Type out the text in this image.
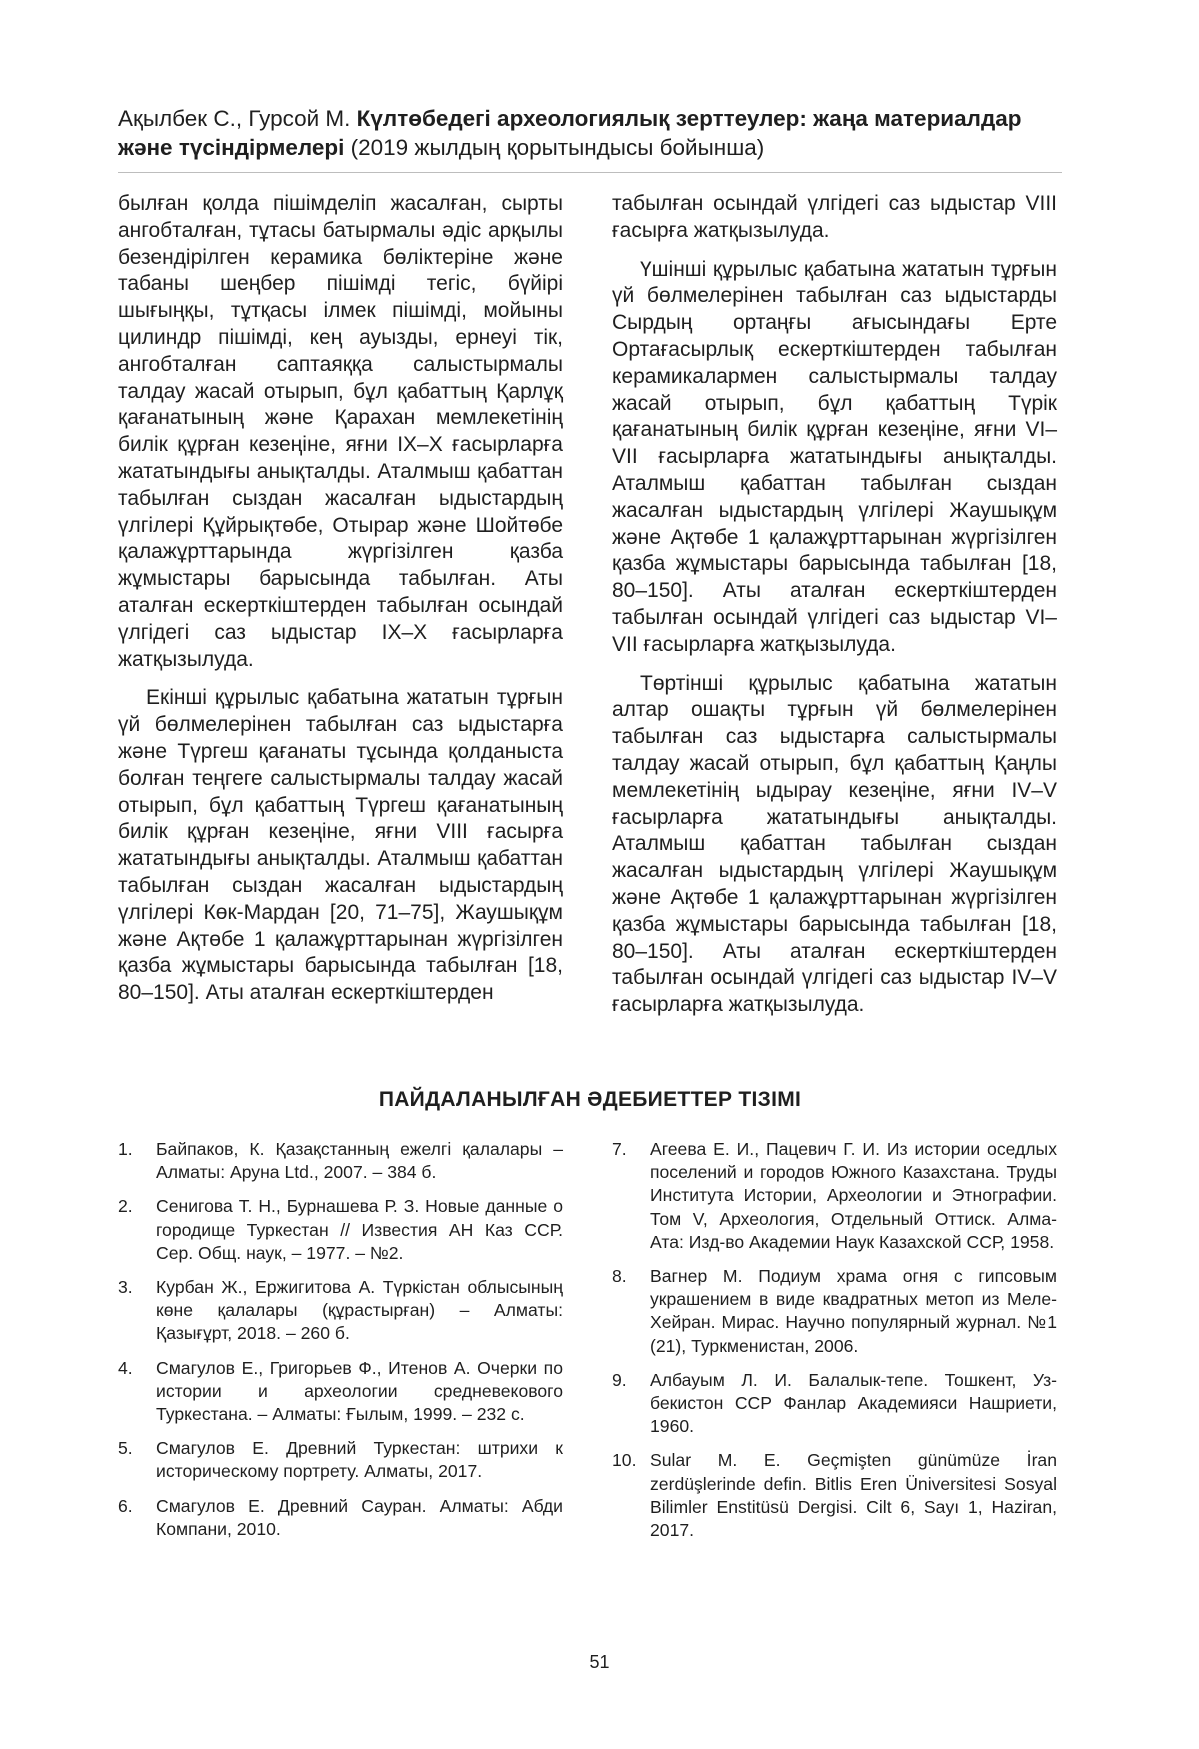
Ақылбек С., Гурсой М. Күлтөбедегі археологиялық зерттеулер: жаңа материалдар және түсіндірмелері (2019 жылдың қорытындысы бойынша)

былған қолда пішімделіп жасалған, сырты ангобталған, тұтасы батырмалы әдіс арқылы безендірілген керамика бөліктеріне және табаны шеңбер пішімді тегіс, бүйірі шығыңқы, тұтқасы ілмек пішімді, мойыны цилиндр пішімді, кең ауызды, ернеуі тік, ангобталған саптаяққа салыстырмалы талдау жасай отырып, бұл қабаттың Қарлұқ қағанатының және Қарахан мемлекетінің билік құрған кезеңіне, яғни IX–X ғасырларға жататындығы анықталды. Аталмыш қабаттан табылған сыздан жасалған ыдыстардың үлгілері Құйрықтөбе, Отырар және Шойтөбе қалажұрттарында жүргізілген қазба жұмыстары барысында табылған. Аты аталған ескерткіштерден табылған осындай үлгідегі саз ыдыстар IX–X ғасырларға жатқызылуда.

Екінші құрылыс қабатына жататын тұрғын үй бөлмелерінен табылған саз ыдыстарға және Түргеш қағанаты тұсында қолданыста болған теңгеге салыстырмалы талдау жасай отырып, бұл қабаттың Түргеш қағанатының билік құрған кезеңіне, яғни VIII ғасырға жататындығы анықталды. Аталмыш қабаттан табылған сыздан жасалған ыдыстардың үлгілері Көк-Мардан [20, 71–75], Жаушықұм және Ақтөбе 1 қалажұрттарынан жүргізілген қазба жұмыстары барысында табылған [18, 80–150]. Аты аталған ескерткіштерден

табылған осындай үлгідегі саз ыдыстар VIII ғасырға жатқызылуда.

Үшінші құрылыс қабатына жататын тұрғын үй бөлмелерінен табылған саз ыдыстарды Сырдың ортаңғы ағысындағы Ерте Ортағасырлық ескерткіштерден табылған керамикалармен салыстырмалы талдау жасай отырып, бұл қабаттың Түрік қағанатының билік құрған кезеңіне, яғни VI–VII ғасырларға жататындығы анықталды. Аталмыш қабаттан табылған сыздан жасалған ыдыстардың үлгілері Жаушықұм және Ақтөбе 1 қалажұрттарынан жүргізілген қазба жұмыстары барысында табылған [18, 80–150]. Аты аталған ескерткіштерден табылған осындай үлгідегі саз ыдыстар VI–VII ғасырларға жатқызылуда.

Төртінші құрылыс қабатына жататын алтар ошақты тұрғын үй бөлмелерінен табылған саз ыдыстарға салыстырмалы талдау жасай отырып, бұл қабаттың Қаңлы мемлекетінің ыдырау кезеңіне, яғни IV–V ғасырларға жататындығы анықталды. Аталмыш қабаттан табылған сыздан жасалған ыдыстардың үлгілері Жаушықұм және Ақтөбе 1 қалажұрттарынан жүргізілген қазба жұмыстары барысында табылған [18, 80–150]. Аты аталған ескерткіштерден табылған осындай үлгідегі саз ыдыстар IV–V ғасырларға жатқызылуда.

ПАЙДАЛАНЫЛҒАН ӘДЕБИЕТТЕР ТІЗІМІ
1.	Байпаков, К. Қазақстанның ежелгі қалалары – Алматы: Аруна Ltd., 2007. – 384 б.
2.	Сенигова Т. Н., Бурнашева Р. З. Новые данные о городище Туркестан // Известия АН Каз ССР. Сер. Общ. наук, – 1977. – №2.
3.	Курбан Ж., Ержигитова А. Түркістан облысының көне қалалары (құрастырған) – Алматы: Қазығұрт, 2018. – 260 б.
4.	Смагулов Е., Григорьев Ф., Итенов А. Очерки по истории и археологии средневекового Туркестана. – Алматы: Ғылым, 1999. – 232 с.
5.	Смагулов Е. Древний Туркестан: штрихи к историческому портрету. Алматы, 2017.
6.	Смагулов Е. Древний Сауран. Алматы: Абди Компани, 2010.
7.	Агеева Е. И., Пацевич Г. И. Из истории оседлых поселений и городов Южного Казахстана. Труды Института Истории, Археологии и Этнографии. Том V, Археология, Отдельный Оттиск. Алма-Ата: Изд-во Академии Наук Казахской ССР, 1958.
8.	Вагнер М. Подиум храма огня с гипсовым украшением в виде квадратных метоп из Меле-Хейран. Мирас. Научно популярный журнал. №1 (21), Туркменистан, 2006.
9.	Албауым Л. И. Балалык-тепе. Тошкент, Узбекистон ССР Фанлар Академияси Нашриети, 1960.
10. Sular M. E. Geçmişten günümüze İran zerdüşlerinde defin. Bitlis Eren Üniversitesi Sosyal Bilimler Enstitüsü Dergisi. Cilt 6, Sayı 1, Haziran, 2017.
51
